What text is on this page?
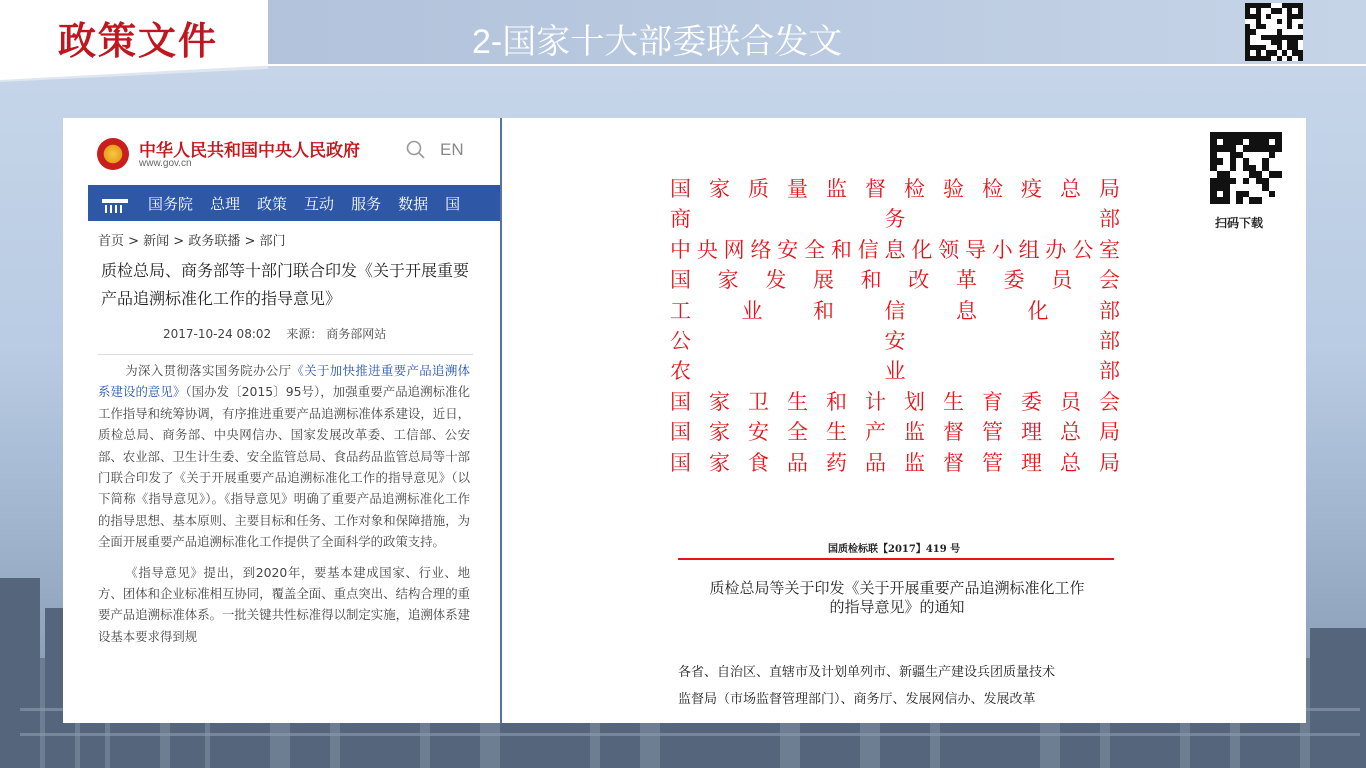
政策文件	2-国家十大部委联合发文
中华人民共和国中央人民政府
www.gov.cn
EN
国务院 总理 政策 互动 服务 数据 国
首页 > 新闻 > 政务联播 > 部门
质检总局、商务部等十部门联合印发《关于开展重要产品追溯标准化工作的指导意见》
2017-10-24 08:02 来源： 商务部网站

为深入贯彻落实国务院办公厅《关于加快推进重要产品追溯体系建设的意见》（国办发〔2015〕95号），加强重要产品追溯标准化工作指导和统筹协调，有序推进重要产品追溯标准体系建设，近日，质检总局、商务部、中央网信办、国家发展改革委、工信部、公安部、农业部、卫生计生委、安全监管总局、食品药品监管总局等十部门联合印发了《关于开展重要产品追溯标准化工作的指导意见》（以下简称《指导意见》）。《指导意见》明确了重要产品追溯标准化工作的指导思想、基本原则、主要目标和任务、工作对象和保障措施，为全面开展重要产品追溯标准化工作提供了全面科学的政策支持。

《指导意见》提出，到2020年，要基本建成国家、行业、地方、团体和企业标准相互协同，覆盖全面、重点突出、结构合理的重要产品追溯标准体系。一批关键共性标准得以制定实施，追溯体系建设基本要求得到规

国 家 质 量 监 督 检 验 检 疫 总 局
商	务	部
中 央 网 络 安 全 和 信 息 化 领 导 小 组 办 公 室
国 家 发 展 和 改 革 委 员 会
工 业 和 信 息 化 部
公	安	部
农	业	部
国 家 卫 生 和 计 划 生 育 委 员 会
国 家 安 全 生 产 监 督 管 理 总 局
国 家 食 品 药 品 监 督 管 理 总 局
国质检标联【2017】419 号
质检总局等关于印发《关于开展重要产品追溯标准化工作
的指导意见》的通知
各省、自治区、直辖市及计划单列市、新疆生产建设兵团质量技术
监督局（市场监督管理部门）、商务厅、发展网信办、发展改革
扫码下载
